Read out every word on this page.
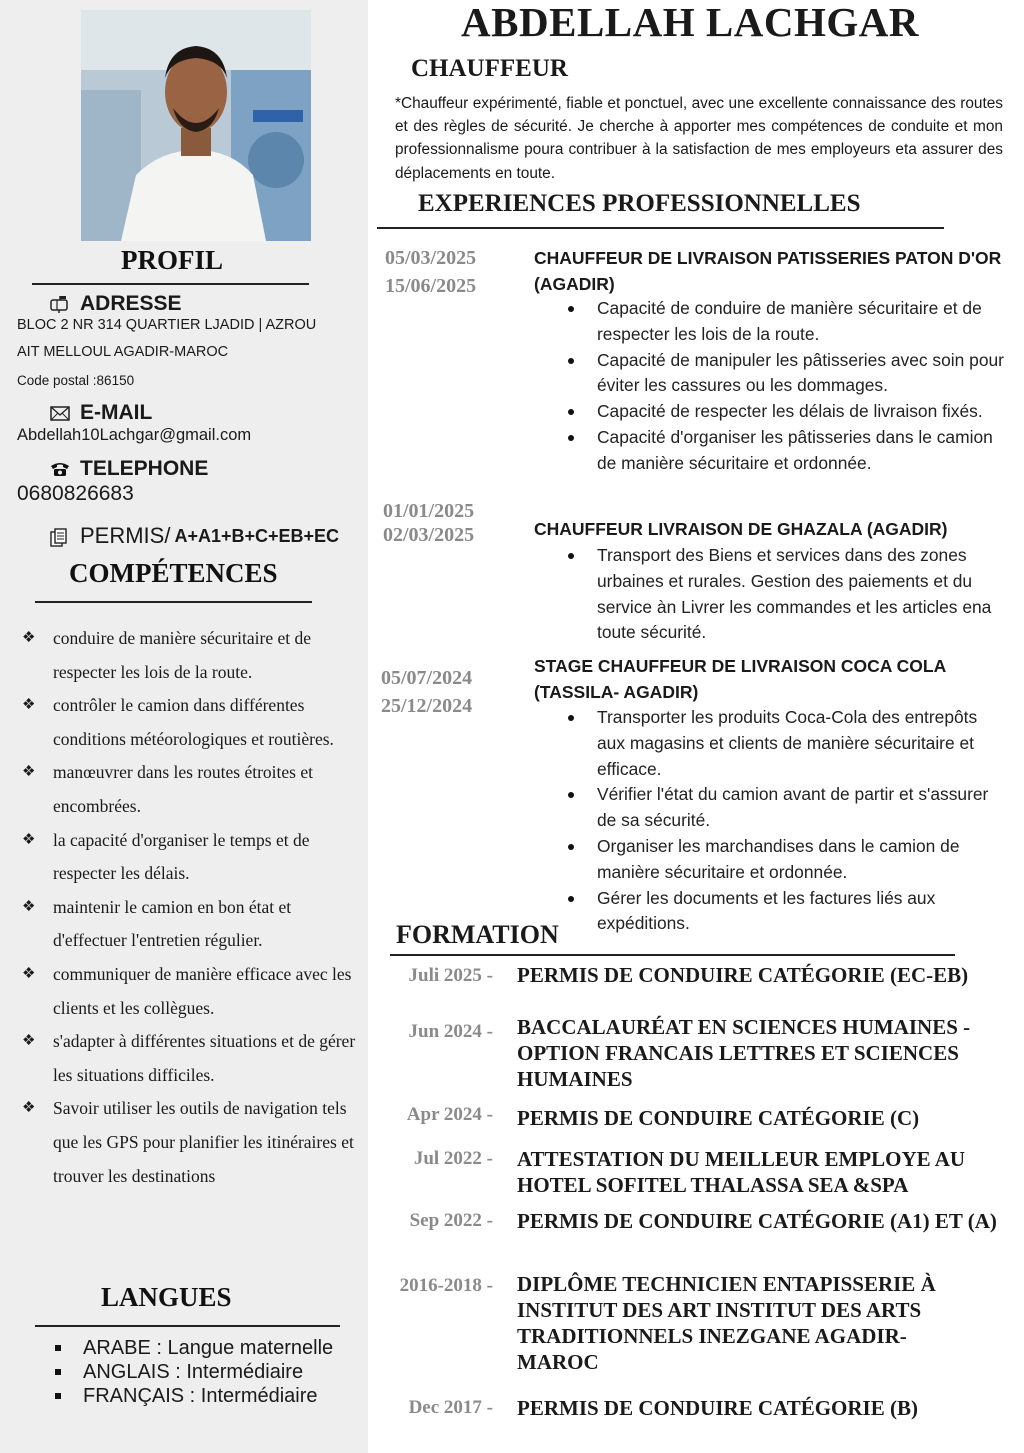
PROFIL

ADRESSE

BLOC 2 NR 314 QUARTIER LJADID | AZROU

AIT MELLOUL AGADIR-MAROC

Code postal :86150

E-MAIL

Abdellah10Lachgar@gmail.com

TELEPHONE

0680826683

PERMIS/ A+A1+B+C+EB+EC

COMPÉTENCES
❖ conduire de manière sécuritaire et de respecter les lois de la route.
❖ contrôler le camion dans différentes conditions météorologiques et routières.
❖ manœuvrer dans les routes étroites et encombrées.
❖ la capacité d'organiser le temps et de respecter les délais.
❖ maintenir le camion en bon état et d'effectuer l'entretien régulier.
❖ communiquer de manière efficace avec les clients et les collègues.
❖ s'adapter à différentes situations et de gérer les situations difficiles.
❖ Savoir utiliser les outils de navigation tels que les GPS pour planifier les itinéraires et trouver les destinations
LANGUES
ARABE : Langue maternelle
ANGLAIS : Intermédiaire
FRANÇAIS : Intermédiaire
ABDELLAH LACHGAR
CHAUFFEUR

*Chauffeur expérimenté, fiable et ponctuel, avec une excellente connaissance des routes et des règles de sécurité. Je cherche à apporter mes compétences de conduite et mon professionnalisme poura contribuer à la satisfaction de mes employeurs eta assurer des déplacements en toute.

EXPERIENCES PROFESSIONNELLES

05/03/2025

15/06/2025

CHAUFFEUR DE LIVRAISON PATISSERIES PATON D'OR (AGADIR)

Capacité de conduire de manière sécuritaire et de respecter les lois de la route.
Capacité de manipuler les pâtisseries avec soin pour éviter les cassures ou les dommages.
Capacité de respecter les délais de livraison fixés.
Capacité d'organiser les pâtisseries dans le camion de manière sécuritaire et ordonnée.

01/01/2025

02/03/2025	CHAUFFEUR LIVRAISON DE GHAZALA (AGADIR)

Transport des Biens et services dans des zones urbaines et rurales. Gestion des paiements et du service àn Livrer les commandes et les articles ena toute sécurité.

05/07/2024

25/12/2024

STAGE CHAUFFEUR DE LIVRAISON COCA COLA (TASSILA- AGADIR)

Transporter les produits Coca-Cola des entrepôts aux magasins et clients de manière sécuritaire et efficace.
Vérifier l'état du camion avant de partir et s'assurer de sa sécurité.
Organiser les marchandises dans le camion de manière sécuritaire et ordonnée.
Gérer les documents et les factures liés aux expéditions.
FORMATION

Juli 2025 - PERMIS DE CONDUIRE CATÉGORIE (EC-EB)

Jun 2024 - BACCALAURÉAT EN SCIENCES HUMAINES - OPTION FRANCAIS LETTRES ET SCIENCES HUMAINES

Apr 2024 - PERMIS DE CONDUIRE CATÉGORIE (C)

Jul 2022 - ATTESTATION DU MEILLEUR EMPLOYE AU HOTEL SOFITEL THALASSA SEA &SPA

Sep 2022 - PERMIS DE CONDUIRE CATÉGORIE (A1) ET (A)

2016-2018 - DIPLÔME TECHNICIEN ENTAPISSERIE À INSTITUT DES ART INSTITUT DES ARTS TRADITIONNELS INEZGANE AGADIR-MAROC

Dec 2017 - PERMIS DE CONDUIRE CATÉGORIE (B)
